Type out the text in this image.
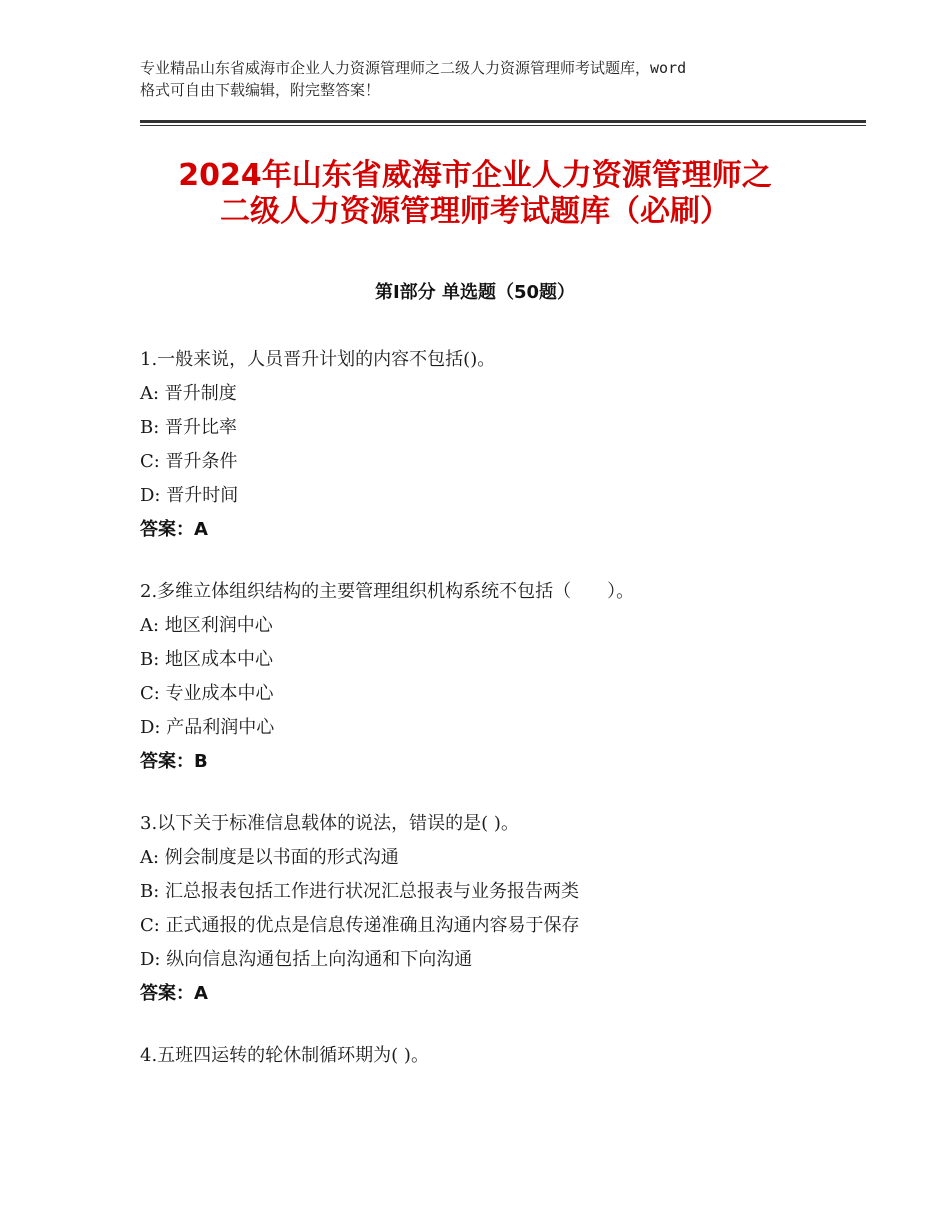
专业精品山东省威海市企业人力资源管理师之二级人力资源管理师考试题库，word
格式可自由下载编辑，附完整答案！
2024年山东省威海市企业人力资源管理师之
二级人力资源管理师考试题库（必刷）
第Ⅰ部分 单选题（50题）
1.一般来说，人员晋升计划的内容不包括()。
A: 晋升制度
B: 晋升比率
C: 晋升条件
D: 晋升时间
答案：A
2.多维立体组织结构的主要管理组织机构系统不包括（　　）。
A: 地区利润中心
B: 地区成本中心
C: 专业成本中心
D: 产品利润中心
答案：B
3.以下关于标准信息载体的说法，错误的是( )。
A: 例会制度是以书面的形式沟通
B: 汇总报表包括工作进行状况汇总报表与业务报告两类
C: 正式通报的优点是信息传递准确且沟通内容易于保存
D: 纵向信息沟通包括上向沟通和下向沟通
答案：A
4.五班四运转的轮休制循环期为( )。
